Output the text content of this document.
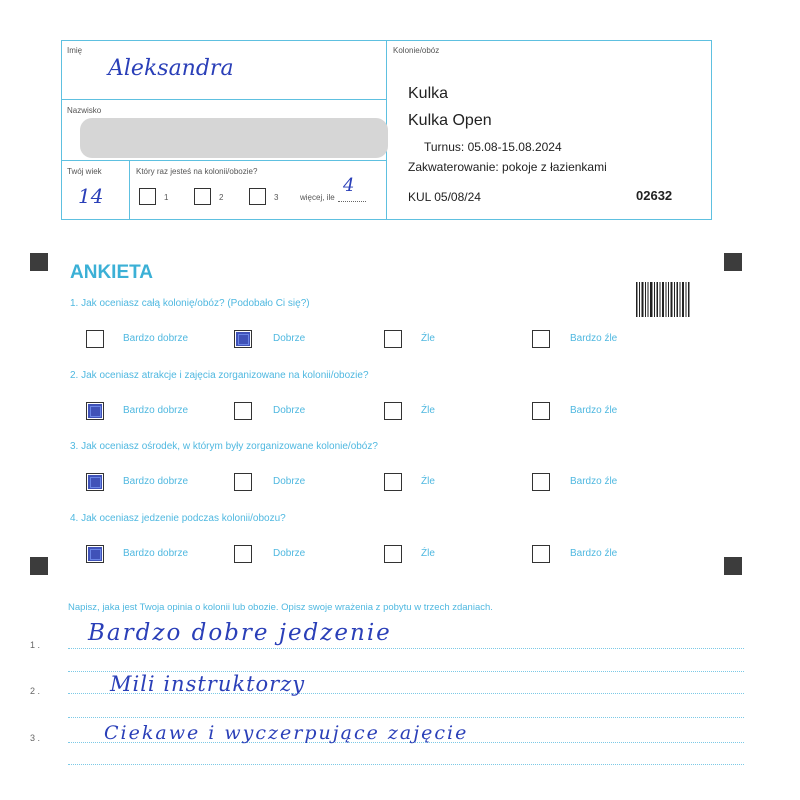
Imię
Aleksandra
Nazwisko
Twój wiek
14
Który raz jesteś na kolonii/obozie?
1	2	3	więcej, ile
4
Kolonie/obóz
Kulka
Kulka Open
Turnus: 05.08-15.08.2024
Zakwaterowanie: pokoje z łazienkami
KUL 05/08/24	02632
ANKIETA
1. Jak oceniasz całą kolonię/obóz? (Podobało Ci się?)
Bardzo dobrze	Dobrze	Źle	Bardzo źle
2. Jak oceniasz atrakcje i zajęcia zorganizowane na kolonii/obozie?
Bardzo dobrze	Dobrze	Źle	Bardzo źle
3. Jak oceniasz ośrodek, w którym były zorganizowane kolonie/obóz?
Bardzo dobrze	Dobrze	Źle	Bardzo źle
4. Jak oceniasz jedzenie podczas kolonii/obozu?
Bardzo dobrze	Dobrze	Źle	Bardzo źle
Napisz, jaka jest Twoja opinia o kolonii lub obozie. Opisz swoje wrażenia z pobytu w trzech zdaniach.
1 .
2 .
3 .
Bardzo dobre jedzenie
Mili instruktorzy
Ciekawe i wyczerpujące zajęcie
